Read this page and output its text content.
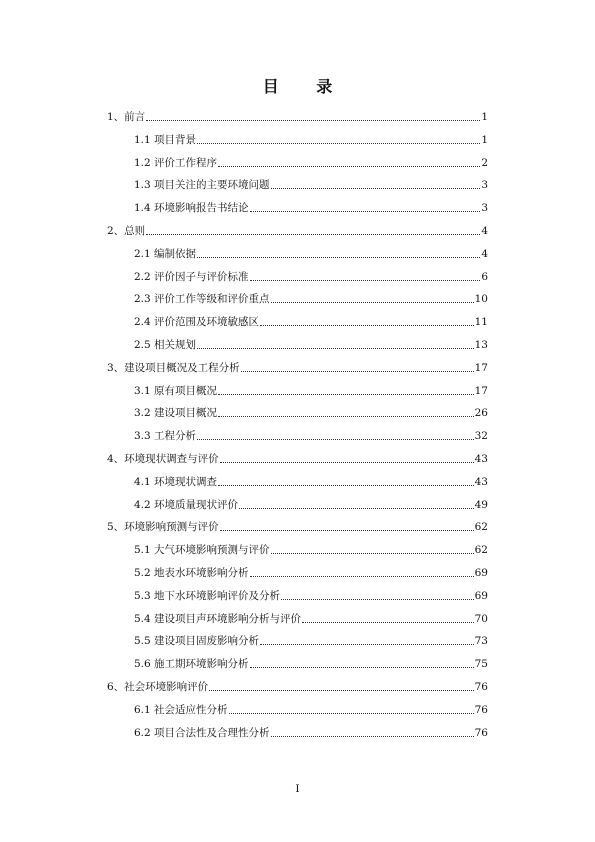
目 录
1、前言	1
1.1 项目背景	1
1.2 评价工作程序	2
1.3 项目关注的主要环境问题	3
1.4 环境影响报告书结论	3
2、总则	4
2.1 编制依据	4
2.2 评价因子与评价标准	6
2.3 评价工作等级和评价重点	10
2.4 评价范围及环境敏感区	11
2.5 相关规划	13
3、建设项目概况及工程分析	17
3.1 原有项目概况	17
3.2 建设项目概况	26
3.3 工程分析	32
4、环境现状调查与评价	43
4.1 环境现状调查	43
4.2 环境质量现状评价	49
5、环境影响预测与评价	62
5.1 大气环境影响预测与评价	62
5.2 地表水环境影响分析	69
5.3 地下水环境影响评价及分析	69
5.4 建设项目声环境影响分析与评价	70
5.5 建设项目固废影响分析	73
5.6 施工期环境影响分析	75
6、社会环境影响评价	76
6.1 社会适应性分析	76
6.2 项目合法性及合理性分析	76
I
